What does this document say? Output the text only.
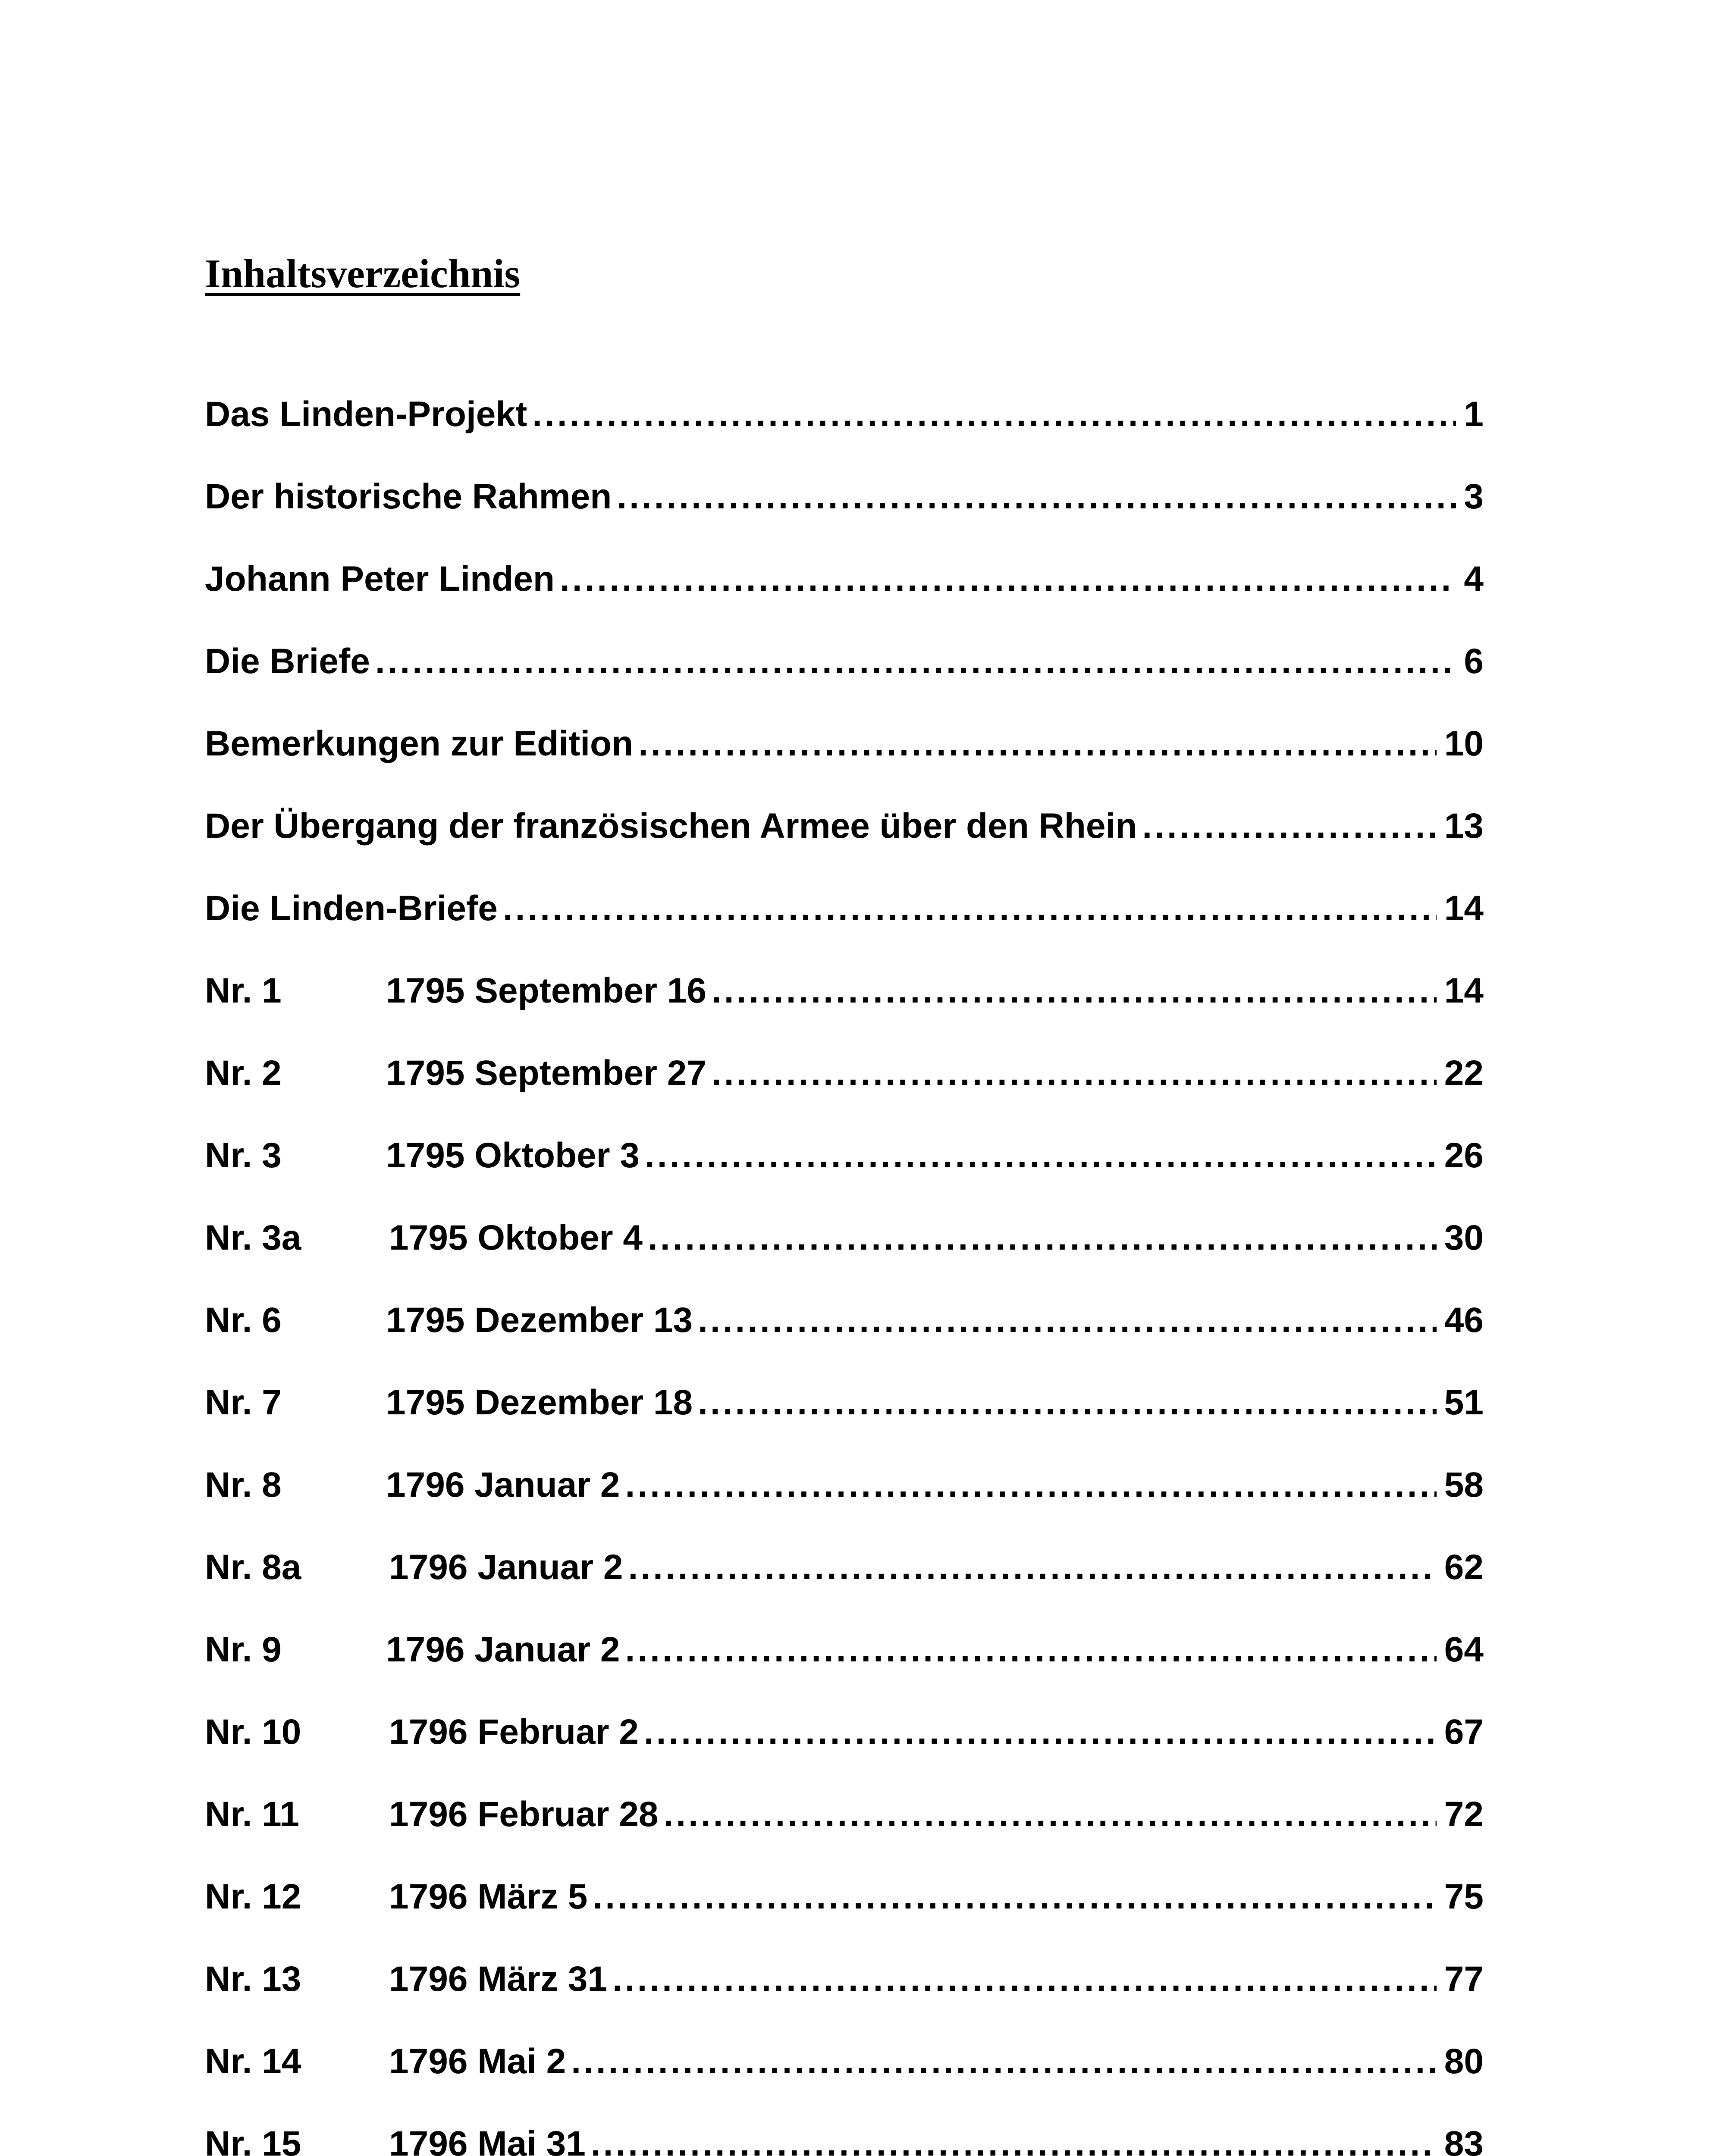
Inhaltsverzeichnis
Das Linden-Projekt .....	1
Der historische Rahmen .....	3
Johann Peter Linden .....	4
Die Briefe .....	6
Bemerkungen zur Edition .....	10
Der Übergang der französischen Armee über den Rhein .....	13
Die Linden-Briefe .....	14
Nr. 1	1795 September 16 .....	14
Nr. 2	1795 September 27 .....	22
Nr. 3	1795 Oktober 3 .....	26
Nr. 3a	1795 Oktober 4 .....	30
Nr. 6	1795 Dezember 13 .....	46
Nr. 7	1795 Dezember 18 .....	51
Nr. 8	1796 Januar 2 .....	58
Nr. 8a	1796 Januar 2 .....	62
Nr. 9	1796 Januar 2 .....	64
Nr. 10	1796 Februar 2 .....	67
Nr. 11	1796 Februar 28 .....	72
Nr. 12	1796 März 5 .....	75
Nr. 13	1796 März 31 .....	77
Nr. 14	1796 Mai 2 .....	80
Nr. 15	1796 Mai 31 .....	83
